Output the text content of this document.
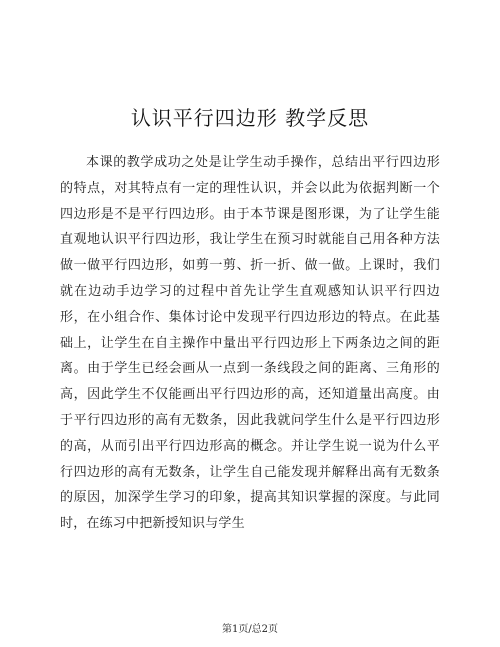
认识平行四边形 教学反思

本课的教学成功之处是让学生动手操作，总结出平行四边形的特点，对其特点有一定的理性认识，并会以此为依据判断一个四边形是不是平行四边形。由于本节课是图形课，为了让学生能直观地认识平行四边形，我让学生在预习时就能自己用各种方法做一做平行四边形，如剪一剪、折一折、做一做。上课时，我们就在边动手边学习的过程中首先让学生直观感知认识平行四边形，在小组合作、集体讨论中发现平行四边形边的特点。在此基础上，让学生在自主操作中量出平行四边形上下两条边之间的距离。由于学生已经会画从一点到一条线段之间的距离、三角形的高，因此学生不仅能画出平行四边形的高，还知道量出高度。由于平行四边形的高有无数条，因此我就问学生什么是平行四边形的高，从而引出平行四边形高的概念。并让学生说一说为什么平行四边形的高有无数条，让学生自己能发现并解释出高有无数条的原因，加深学生学习的印象，提高其知识掌握的深度。与此同时，在练习中把新授知识与学生

第1页/总2页
